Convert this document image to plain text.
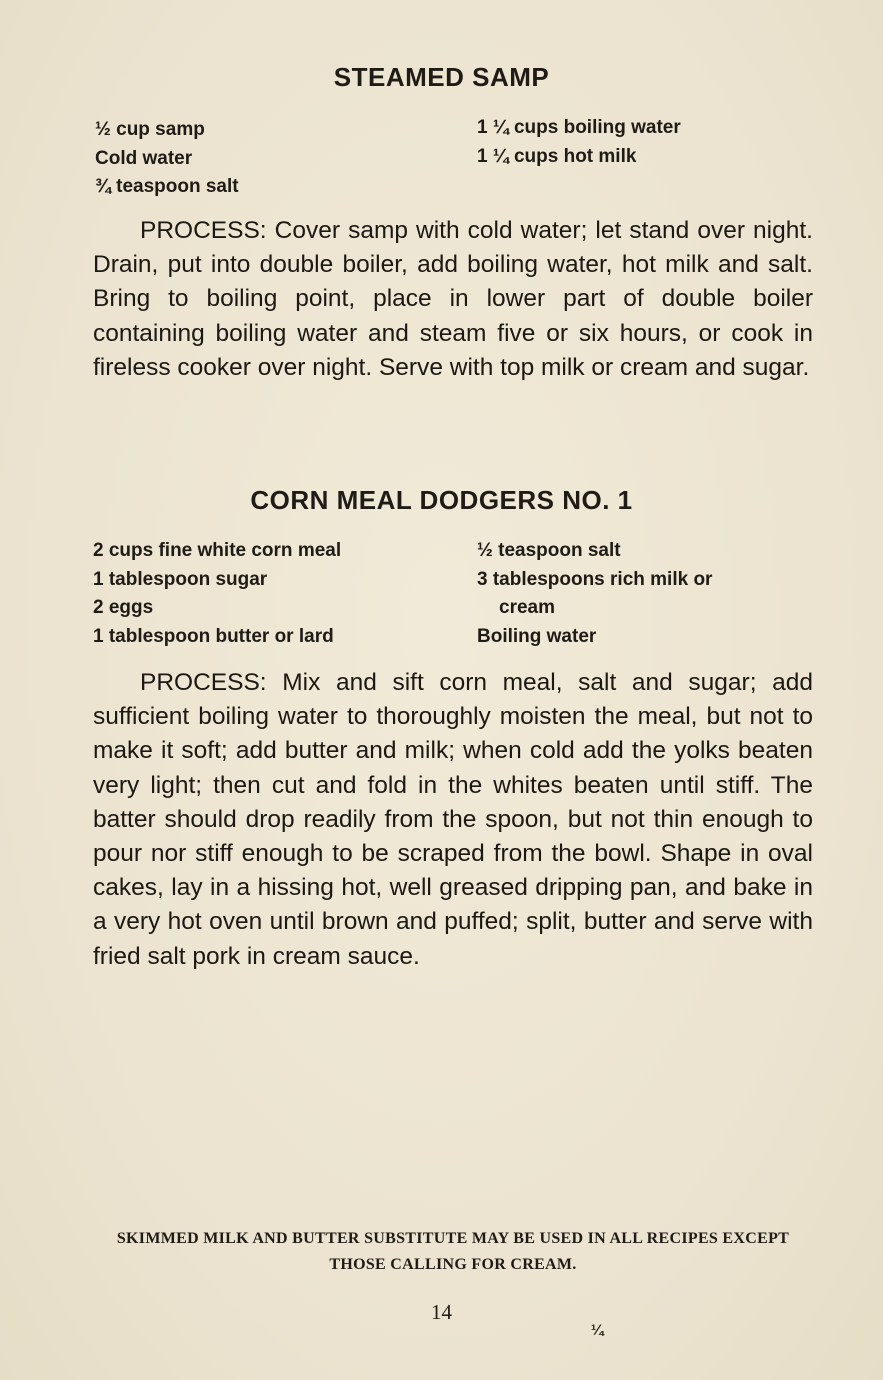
STEAMED SAMP
½ cup samp
Cold water
¾ teaspoon salt
1 ¼ cups boiling water
1 ¼ cups hot milk
PROCESS: Cover samp with cold water; let stand over night. Drain, put into double boiler, add boiling water, hot milk and salt. Bring to boiling point, place in lower part of double boiler containing boiling water and steam five or six hours, or cook in fireless cooker over night. Serve with top milk or cream and sugar.
CORN MEAL DODGERS NO. 1
2 cups fine white corn meal
1 tablespoon sugar
2 eggs
1 tablespoon butter or lard
½ teaspoon salt
3 tablespoons rich milk or
cream
Boiling water
PROCESS: Mix and sift corn meal, salt and sugar; add sufficient boiling water to thoroughly moisten the meal, but not to make it soft; add butter and milk; when cold add the yolks beaten very light; then cut and fold in the whites beaten until stiff. The batter should drop readily from the spoon, but not thin enough to pour nor stiff enough to be scraped from the bowl. Shape in oval cakes, lay in a hissing hot, well greased dripping pan, and bake in a very hot oven until brown and puffed; split, butter and serve with fried salt pork in cream sauce.
SKIMMED MILK AND BUTTER SUBSTITUTE MAY BE USED IN ALL RECIPES EXCEPT THOSE CALLING FOR CREAM.
14
¼
